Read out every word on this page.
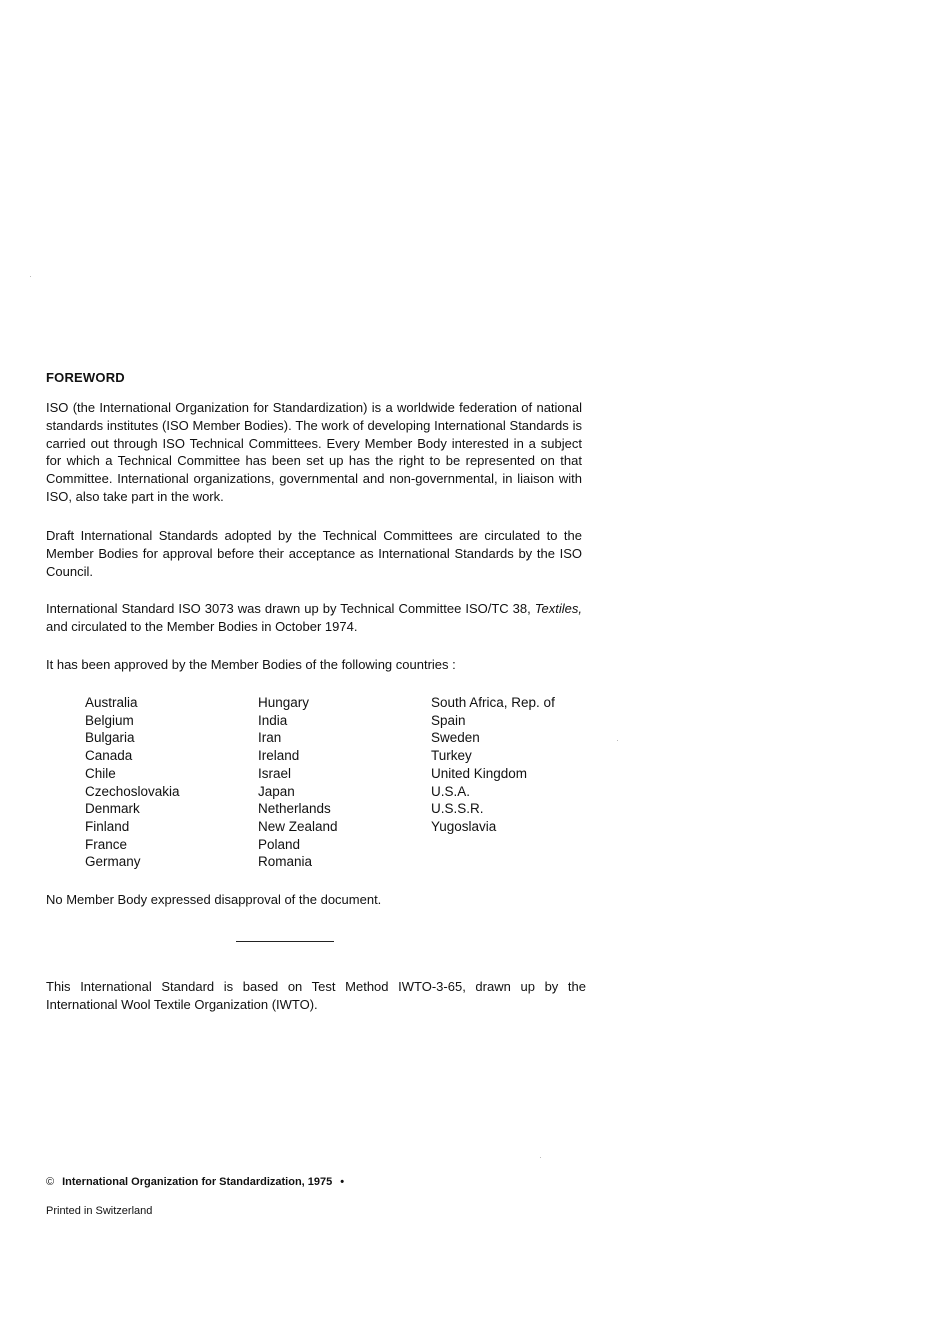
FOREWORD

ISO (the International Organization for Standardization) is a worldwide federation of national standards institutes (ISO Member Bodies). The work of developing International Standards is carried out through ISO Technical Committees. Every Member Body interested in a subject for which a Technical Committee has been set up has the right to be represented on that Committee. International organizations, governmental and non-governmental, in liaison with ISO, also take part in the work.

Draft International Standards adopted by the Technical Committees are circulated to the Member Bodies for approval before their acceptance as International Standards by the ISO Council.

International Standard ISO 3073 was drawn up by Technical Committee ISO/TC 38, Textiles, and circulated to the Member Bodies in October 1974.

It has been approved by the Member Bodies of the following countries :

Australia
Belgium
Bulgaria
Canada
Chile
Czechoslovakia
Denmark
Finland
France
Germany
Hungary
India
Iran
Ireland
Israel
Japan
Netherlands
New Zealand
Poland
Romania
South Africa, Rep. of
Spain
Sweden
Turkey
United Kingdom
U.S.A.
U.S.S.R.
Yugoslavia

No Member Body expressed disapproval of the document.

This International Standard is based on Test Method IWTO-3-65, drawn up by the International Wool Textile Organization (IWTO).

© International Organization for Standardization, 1975 •
Printed in Switzerland
